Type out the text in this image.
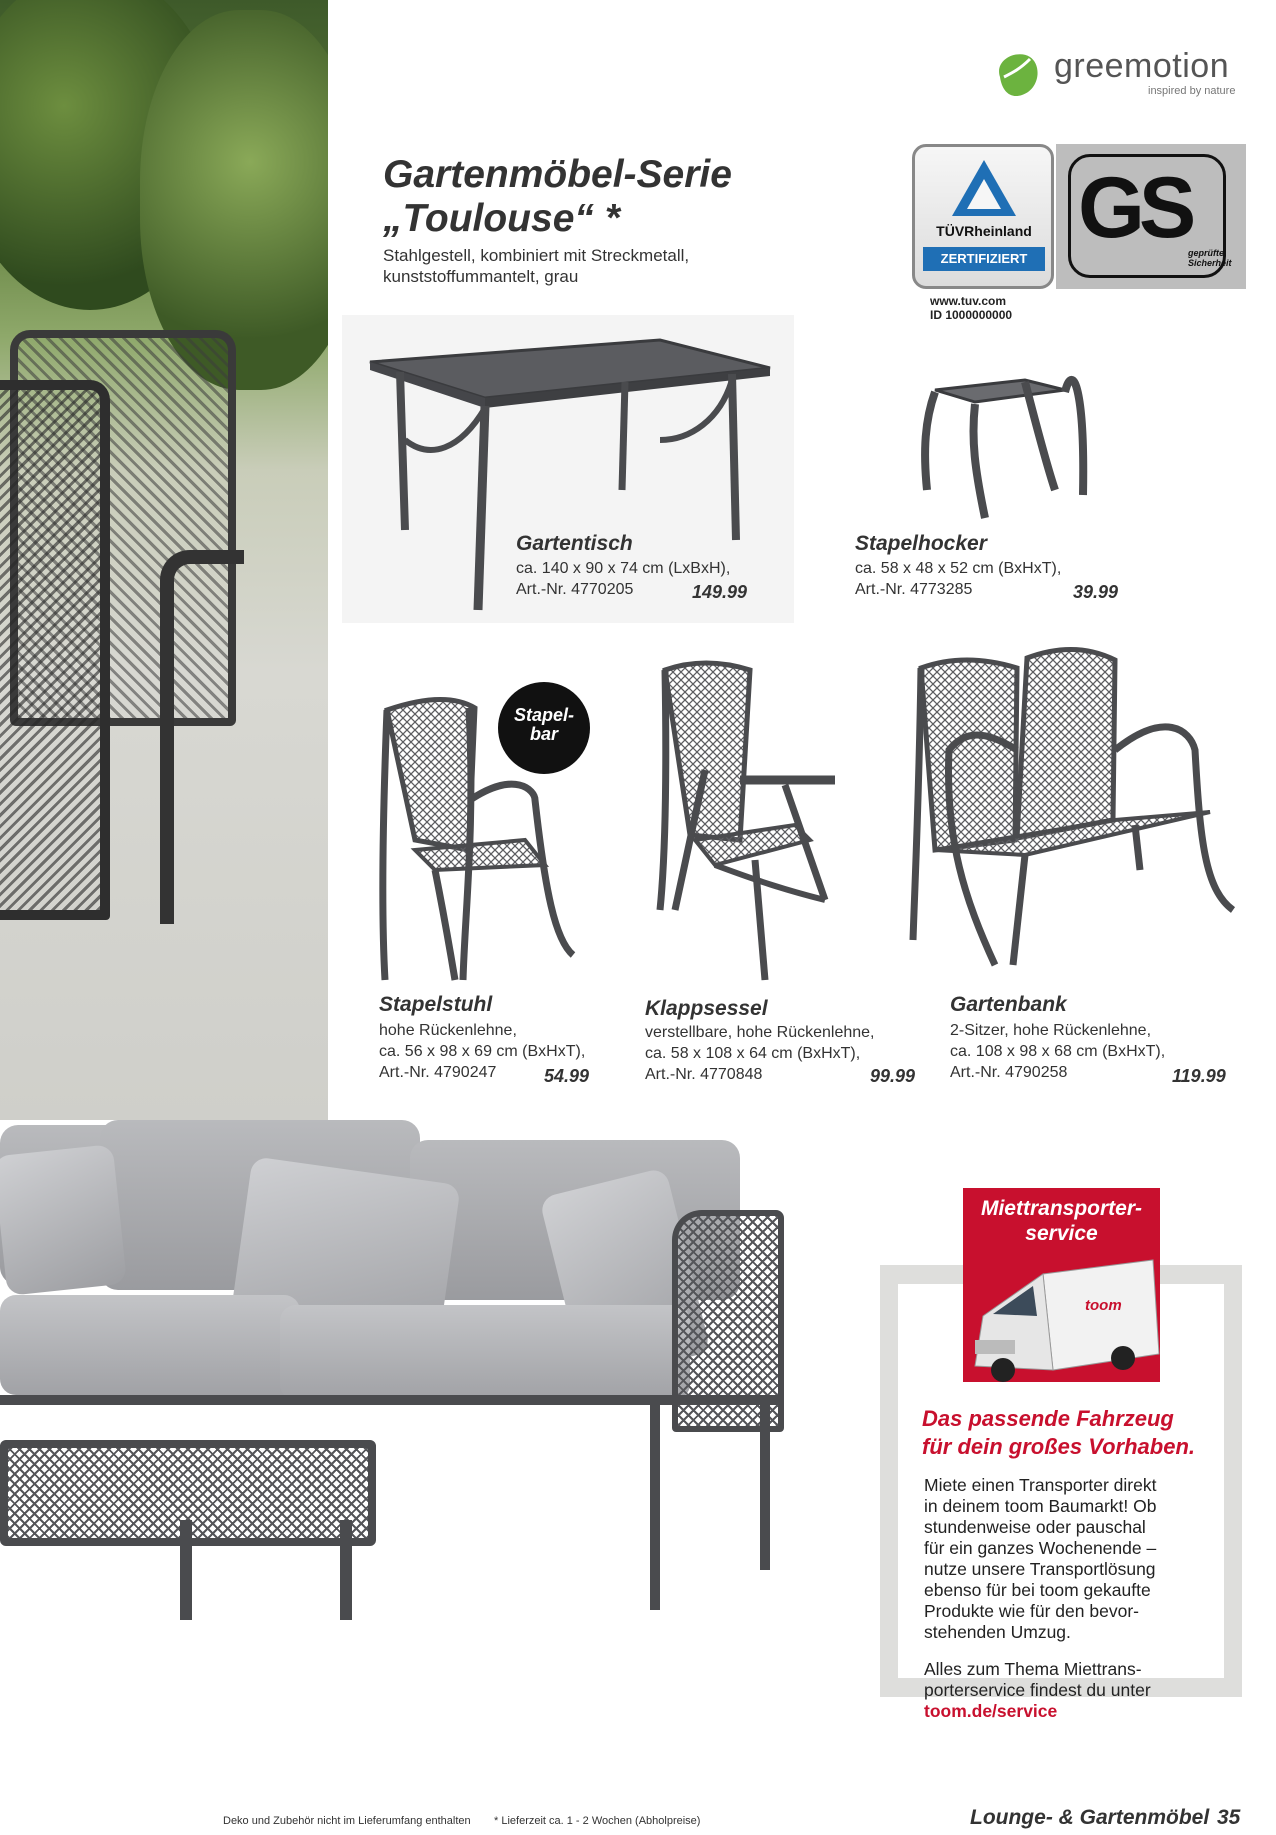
greemotion
inspired by nature
Gartenmöbel-Serie
„Toulouse“ *
Stahlgestell, kombiniert mit Streckmetall,
kunststoffummantelt, grau
TÜVRheinland
ZERTIFIZIERT
www.tuv.com
ID 1000000000
GS
geprüfte
Sicherheit
Gartentisch
ca. 140 x 90 x 74 cm (LxBxH),
Art.-Nr. 4770205	149.99
Stapelhocker
ca. 58 x 48 x 52 cm (BxHxT),
Art.-Nr. 4773285	39.99
Stapel-
bar
Stapelstuhl
hohe Rückenlehne,
ca. 56 x 98 x 69 cm (BxHxT),
Art.-Nr. 4790247	54.99
Klappsessel
verstellbare, hohe Rückenlehne,
ca. 58 x 108 x 64 cm (BxHxT),
Art.-Nr. 4770848	99.99
Gartenbank
2-Sitzer, hohe Rückenlehne,
ca. 108 x 98 x 68 cm (BxHxT),
Art.-Nr. 4790258	119.99
toom
Miettransporter-
service
Das passende Fahrzeug
für dein großes Vorhaben.
Miete einen Transporter direkt
in deinem toom Baumarkt! Ob
stundenweise oder pauschal
für ein ganzes Wochenende –
nutze unsere Transportlösung
ebenso für bei toom gekaufte
Produkte wie für den bevor-
stehenden Umzug.
Alles zum Thema Miettrans-
porterservice findest du unter
toom.de/service
Deko und Zubehör nicht im Lieferumfang enthalten * Lieferzeit ca. 1 - 2 Wochen (Abholpreise)	Lounge- & Gartenmöbel 35
